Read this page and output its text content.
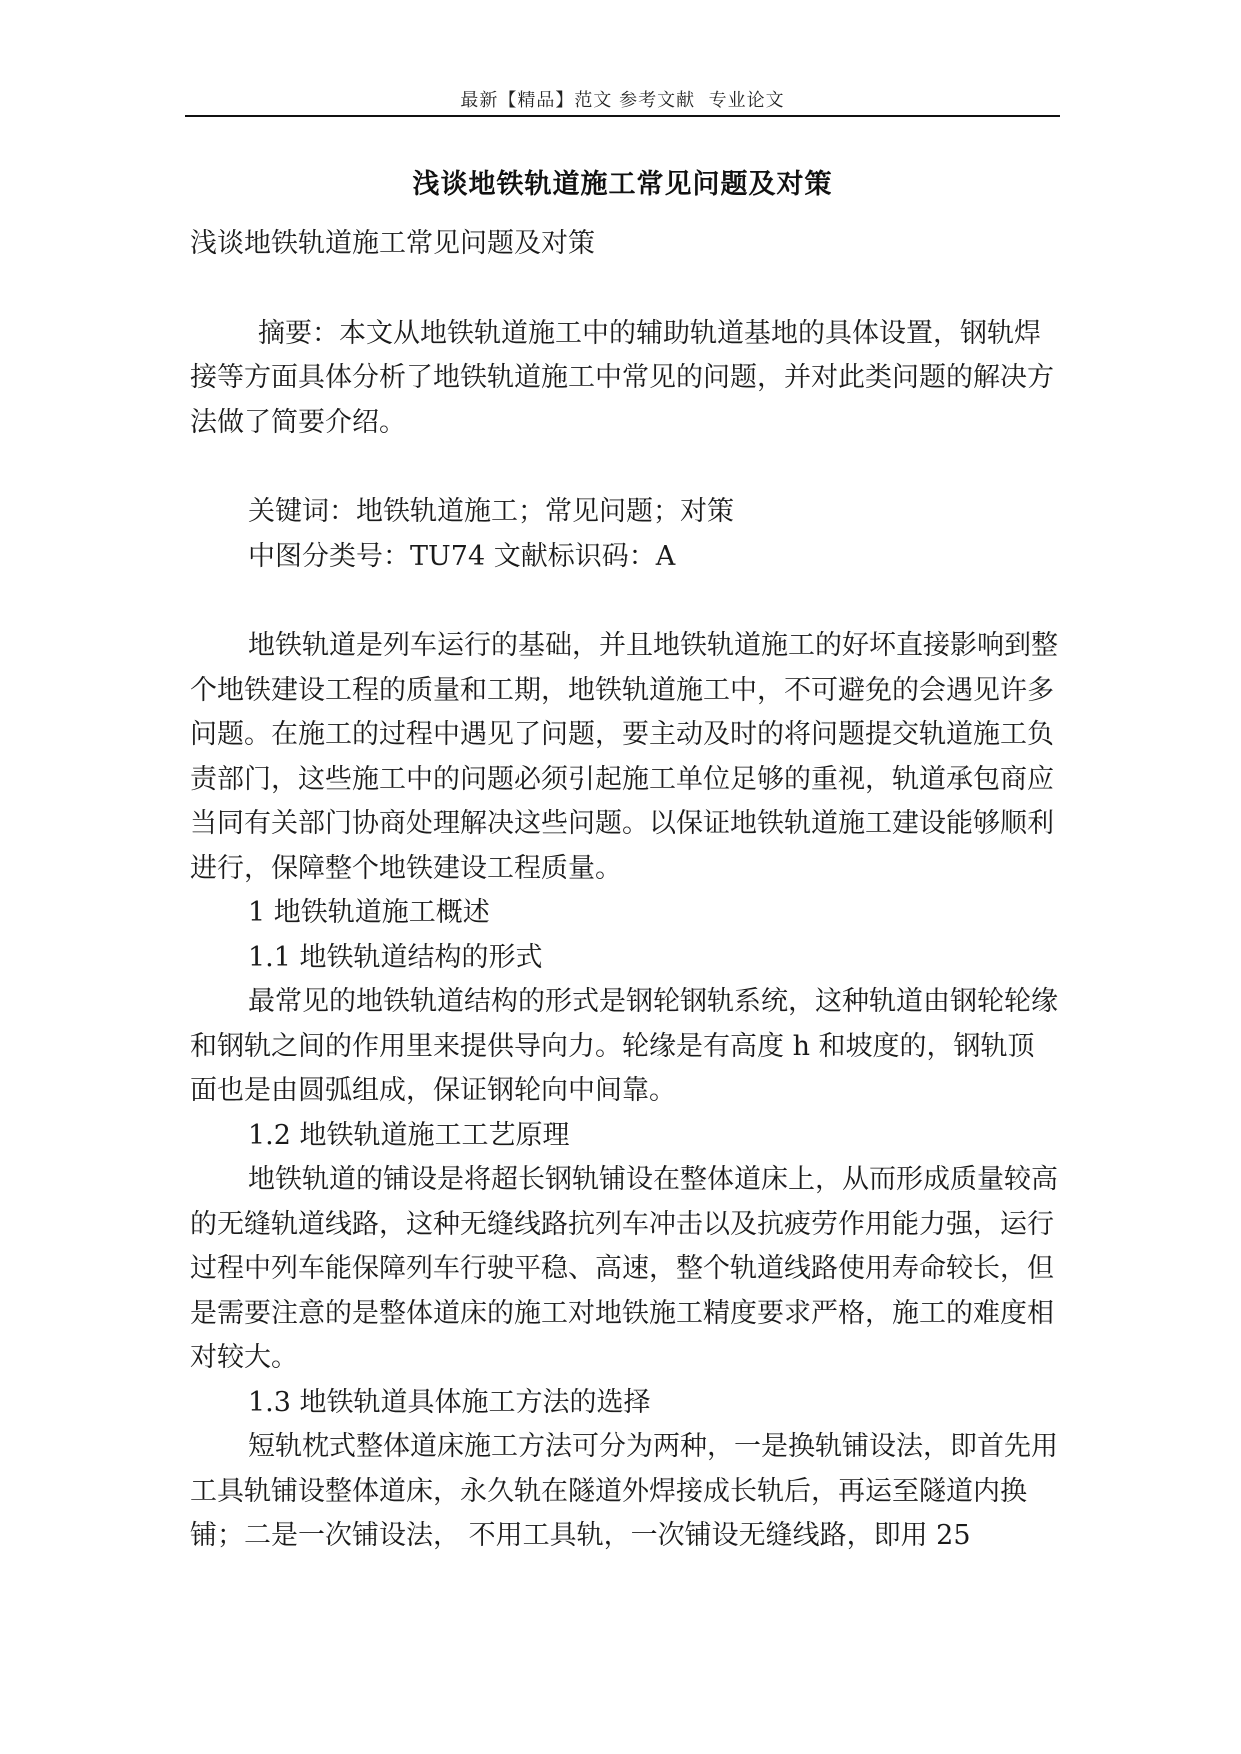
最新【精品】范文 参考文献  专业论文
浅谈地铁轨道施工常见问题及对策

浅谈地铁轨道施工常见问题及对策

摘要：本文从地铁轨道施工中的辅助轨道基地的具体设置，钢轨焊接等方面具体分析了地铁轨道施工中常见的问题，并对此类问题的解决方法做了简要介绍。

关键词：地铁轨道施工；常见问题；对策

中图分类号：TU74 文献标识码：A

地铁轨道是列车运行的基础，并且地铁轨道施工的好坏直接影响到整个地铁建设工程的质量和工期，地铁轨道施工中，不可避免的会遇见许多问题。在施工的过程中遇见了问题，要主动及时的将问题提交轨道施工负责部门，这些施工中的问题必须引起施工单位足够的重视，轨道承包商应当同有关部门协商处理解决这些问题。以保证地铁轨道施工建设能够顺利进行，保障整个地铁建设工程质量。

1 地铁轨道施工概述

1.1 地铁轨道结构的形式

最常见的地铁轨道结构的形式是钢轮钢轨系统，这种轨道由钢轮轮缘和钢轨之间的作用里来提供导向力。轮缘是有高度 h 和坡度的，钢轨顶面也是由圆弧组成，保证钢轮向中间靠。

1.2 地铁轨道施工工艺原理

地铁轨道的铺设是将超长钢轨铺设在整体道床上，从而形成质量较高的无缝轨道线路，这种无缝线路抗列车冲击以及抗疲劳作用能力强，运行过程中列车能保障列车行驶平稳、高速，整个轨道线路使用寿命较长，但是需要注意的是整体道床的施工对地铁施工精度要求严格，施工的难度相对较大。

1.3 地铁轨道具体施工方法的选择

短轨枕式整体道床施工方法可分为两种，一是换轨铺设法，即首先用工具轨铺设整体道床，永久轨在隧道外焊接成长轨后，再运至隧道内换铺；二是一次铺设法， 不用工具轨，一次铺设无缝线路，即用 25
